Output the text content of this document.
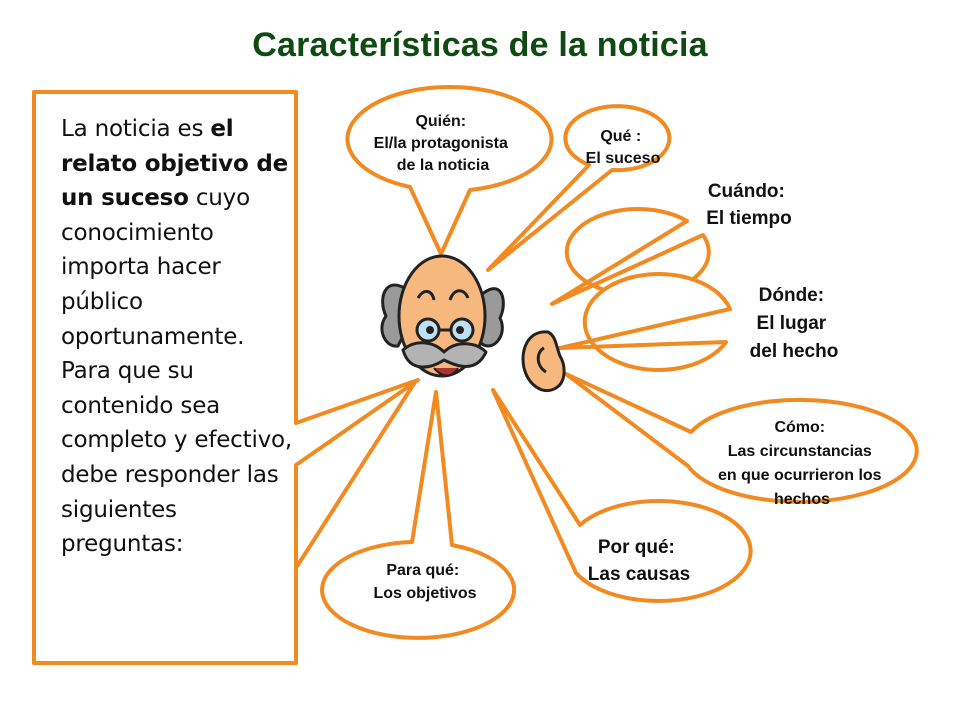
Características de la noticia
Quién: El/la protagonista de la noticia
Qué : El suceso
Cuándo: El tiempo
Dónde: El lugar del hecho
Cómo: Las circunstancias en que ocurrieron los hechos
Por qué: Las causas
Para qué: Los objetivos
La noticia es el relato objetivo de un suceso cuyo conocimiento importa hacer público oportunamente. Para que su contenido sea completo y efectivo, debe responder las siguientes preguntas:
